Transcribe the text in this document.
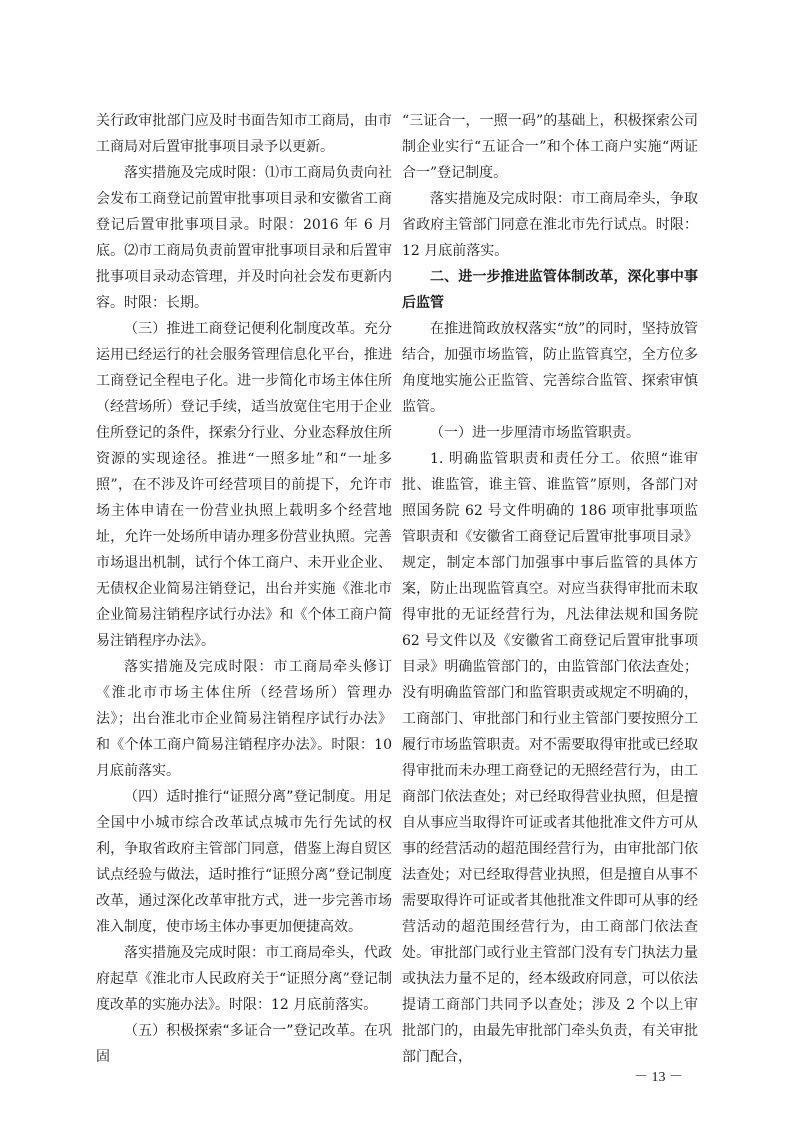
关行政审批部门应及时书面告知市工商局，由市工商局对后置审批事项目录予以更新。

落实措施及完成时限：⑴市工商局负责向社会发布工商登记前置审批事项目录和安徽省工商登记后置审批事项目录。时限：2016 年 6 月底。⑵市工商局负责前置审批事项目录和后置审批事项目录动态管理，并及时向社会发布更新内容。时限：长期。

（三）推进工商登记便利化制度改革。充分运用已经运行的社会服务管理信息化平台，推进工商登记全程电子化。进一步简化市场主体住所（经营场所）登记手续，适当放宽住宅用于企业住所登记的条件，探索分行业、分业态释放住所资源的实现途径。推进“一照多址”和“一址多照”，在不涉及许可经营项目的前提下，允许市场主体申请在一份营业执照上载明多个经营地址，允许一处场所申请办理多份营业执照。完善市场退出机制，试行个体工商户、未开业企业、无债权企业简易注销登记，出台并实施《淮北市企业简易注销程序试行办法》和《个体工商户简易注销程序办法》。

落实措施及完成时限：市工商局牵头修订《淮北市市场主体住所（经营场所）管理办法》；出台淮北市企业简易注销程序试行办法》和《个体工商户简易注销程序办法》。时限：10 月底前落实。

（四）适时推行“证照分离”登记制度。用足全国中小城市综合改革试点城市先行先试的权利，争取省政府主管部门同意，借鉴上海自贸区试点经验与做法，适时推行“证照分离”登记制度改革，通过深化改革审批方式，进一步完善市场准入制度，使市场主体办事更加便捷高效。

落实措施及完成时限：市工商局牵头，代政府起草《淮北市人民政府关于“证照分离”登记制度改革的实施办法》。时限：12 月底前落实。

（五）积极探索“多证合一”登记改革。在巩固

“三证合一，一照一码”的基础上，积极探索公司制企业实行“五证合一”和个体工商户实施“两证合一”登记制度。

落实措施及完成时限：市工商局牵头，争取省政府主管部门同意在淮北市先行试点。时限：12 月底前落实。

二、进一步推进监管体制改革，深化事中事后监管

在推进简政放权落实“放”的同时，坚持放管结合，加强市场监管，防止监管真空，全方位多角度地实施公正监管、完善综合监管、探索审慎监管。

（一）进一步厘清市场监管职责。

1. 明确监管职责和责任分工。依照“谁审批、谁监管，谁主管、谁监管”原则，各部门对照国务院 62 号文件明确的 186 项审批事项监管职责和《安徽省工商登记后置审批事项目录》规定，制定本部门加强事中事后监管的具体方案，防止出现监管真空。对应当获得审批而未取得审批的无证经营行为，凡法律法规和国务院 62 号文件以及《安徽省工商登记后置审批事项目录》明确监管部门的，由监管部门依法查处；没有明确监管部门和监管职责或规定不明确的，工商部门、审批部门和行业主管部门要按照分工履行市场监管职责。对不需要取得审批或已经取得审批而未办理工商登记的无照经营行为，由工商部门依法查处；对已经取得营业执照，但是擅自从事应当取得许可证或者其他批准文件方可从事的经营活动的超范围经营行为，由审批部门依法查处；对已经取得营业执照，但是擅自从事不需要取得许可证或者其他批准文件即可从事的经营活动的超范围经营行为，由工商部门依法查处。审批部门或行业主管部门没有专门执法力量或执法力量不足的，经本级政府同意，可以依法提请工商部门共同予以查处；涉及 2 个以上审批部门的，由最先审批部门牵头负责，有关审批部门配合，

－ 13 －
